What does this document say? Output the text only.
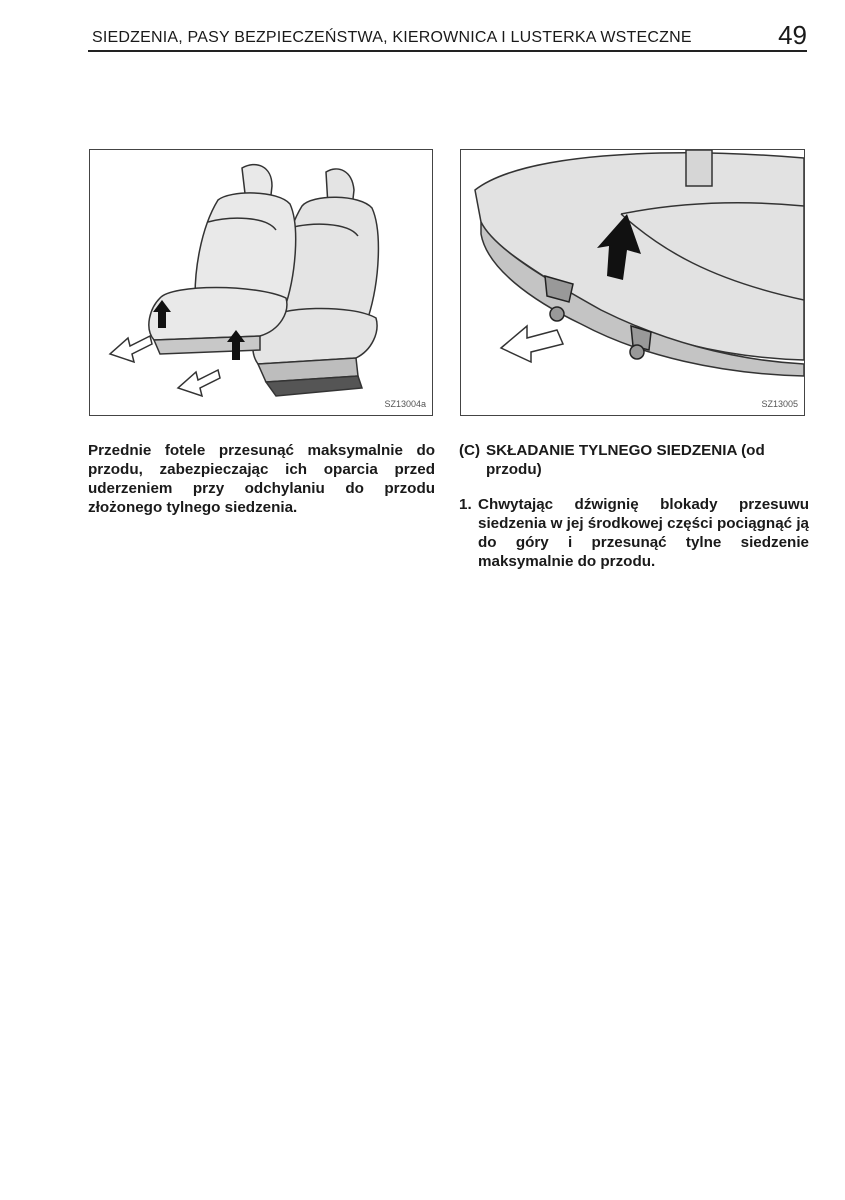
SIEDZENIA, PASY BEZPIECZEŃSTWA, KIEROWNICA I LUSTERKA WSTECZNE	49
SZ13004a	SZ13005
Przednie fotele przesunąć maksymalnie do przodu, zabezpieczając ich oparcia przed uderzeniem przy odchylaniu do przodu złożonego tylnego siedzenia.
(C) SKŁADANIE TYLNEGO SIEDZENIA (od przodu)
1. Chwytając dźwignię blokady przesuwu siedzenia w jej środkowej części pociągnąć ją do góry i przesunąć tylne siedzenie maksymalnie do przodu.
